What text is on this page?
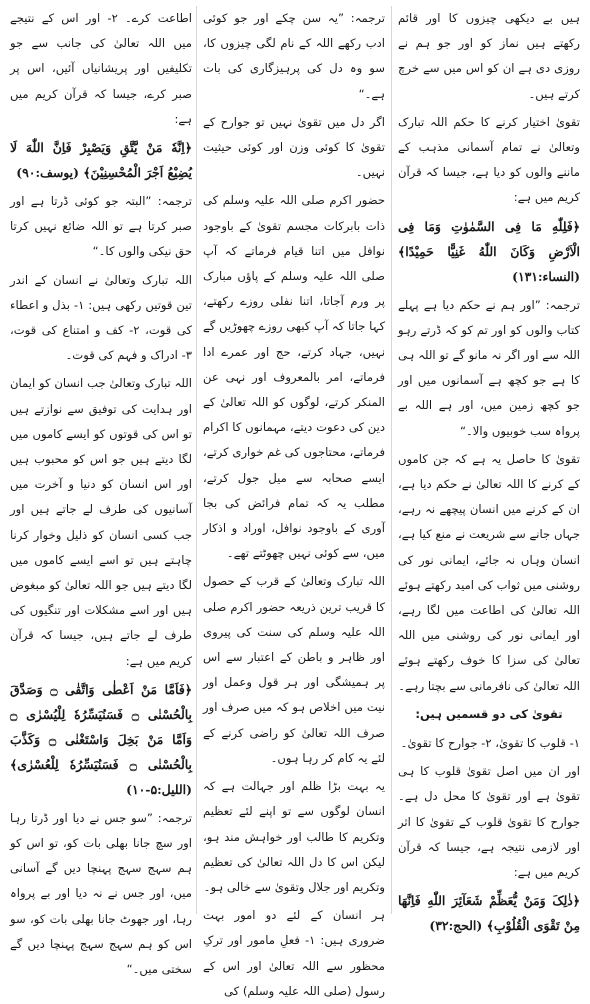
ہیں بے دیکھی چیزوں کا اور قائم رکھتے ہیں نماز کو اور جو ہم نے روزی دی ہے ان کو اس میں سے خرچ کرتے ہیں۔

تقویٰ اختیار کرنے کا حکم اللہ تبارک وتعالیٰ نے تمام آسمانی مذہب کے ماننے والوں کو دیا ہے، جیسا کہ قرآن کریم میں ہے:

﴿فَلِلّٰهِ مَا فِی السَّمٰوٰتِ وَمَا فِی الْاَرْضِ وَکَانَ اللّٰهُ غَنِیًّا حَمِیْدًا﴾ (النساء:۱۳۱)

ترجمہ: ”اور ہم نے حکم دیا ہے پہلے کتاب والوں کو اور تم کو کہ ڈرتے رہو اللہ سے اور اگر نہ مانو گے تو اللہ ہی کا ہے جو کچھ ہے آسمانوں میں اور جو کچھ زمین میں، اور ہے اللہ بے پرواہ سب خوبیوں والا۔“

تقویٰ کا حاصل یہ ہے کہ جن کاموں کے کرنے کا اللہ تعالیٰ نے حکم دیا ہے، ان کے کرنے میں انسان پیچھے نہ رہے، جہاں جانے سے شریعت نے منع کیا ہے، انسان وہاں نہ جائے، ایمانی نور کی روشنی میں ثواب کی امید رکھتے ہوئے اللہ تعالیٰ کی اطاعت میں لگا رہے، اور ایمانی نور کی روشنی میں اللہ تعالیٰ کی سزا کا خوف رکھتے ہوئے اللہ تعالیٰ کی نافرمانی سے بچتا رہے۔

تقویٰ کی دو قسمیں ہیں:

۱- قلوب کا تقویٰ، ۲- جوارح کا تقویٰ۔

اور ان میں اصل تقویٰ قلوب کا ہی تقویٰ ہے اور تقویٰ کا محل دل ہے۔ جوارح کا تقویٰ قلوب کے تقویٰ کا اثر اور لازمی نتیجہ ہے، جیسا کہ قرآن کریم میں ہے:

﴿ذٰلِکَ وَمَنْ یُّعَظِّمْ شَعَآئِرَ اللّٰهِ فَاِنَّهَا مِنْ تَقْوَی الْقُلُوْبِ﴾ (الحج:۳۲)

ترجمہ: ”یہ سن چکے اور جو کوئی ادب رکھے اللہ کے نام لگی چیزوں کا، سو وہ دل کی پرہیزگاری کی بات ہے۔“

اگر دل میں تقویٰ نہیں تو جوارح کے تقویٰ کا کوئی وزن اور کوئی حیثیت نہیں۔

حضور اکرم صلی اللہ علیہ وسلم کی ذات بابرکات مجسم تقویٰ کے باوجود نوافل میں اتنا قیام فرماتے کہ آپ صلی اللہ علیہ وسلم کے پاؤں مبارک پر ورم آجاتا، اتنا نفلی روزے رکھتے، کہا جاتا کہ آپ کبھی روزے چھوڑیں گے نہیں، جہاد کرتے، حج اور عمرے ادا فرماتے، امر بالمعروف اور نہی عن المنکر کرتے، لوگوں کو اللہ تعالیٰ کے دین کی دعوت دیتے، مہمانوں کا اکرام فرماتے، محتاجوں کی غم خواری کرتے، ایسے صحابہ سے میل جول کرتے، مطلب یہ کہ تمام فرائض کی بجا آوری کے باوجود نوافل، اوراد و اذکار میں، سے کوئی نہیں چھوٹتے تھے۔

اللہ تبارک وتعالیٰ کے قرب کے حصول کا قریب ترین ذریعہ حضور اکرم صلی اللہ علیہ وسلم کی سنت کی پیروی اور ظاہر و باطن کے اعتبار سے اس پر ہمیشگی اور ہر قول وعمل اور نیت میں اخلاص ہو کہ میں صرف اور صرف اللہ تعالیٰ کو راضی کرنے کے لئے یہ کام کر رہا ہوں۔

یہ بہت بڑا ظلم اور جہالت ہے کہ انسان لوگوں سے تو اپنے لئے تعظیم وتکریم کا طالب اور خواہش مند ہو، لیکن اس کا دل اللہ تعالیٰ کی تعظیم وتکریم اور جلال وتقویٰ سے خالی ہو۔

ہر انسان کے لئے دو امور بہت ضروری ہیں: ۱- فعلِ مامور اور ترکِ محظور سے اللہ تعالیٰ اور اس کے رسول (صلی اللہ علیہ وسلم) کی

اطاعت کرے۔ ۲- اور اس کے نتیجے میں اللہ تعالیٰ کی جانب سے جو تکلیفیں اور پریشانیاں آئیں، اس پر صبر کرے، جیسا کہ قرآن کریم میں ہے:

﴿اِنَّهٗ مَنْ یَّتَّقِ وَیَصْبِرْ فَاِنَّ اللّٰهَ لَا یُضِیْعُ اَجْرَ الْمُحْسِنِیْنَ﴾ (یوسف:۹۰)

ترجمہ: ”البتہ جو کوئی ڈرتا ہے اور صبر کرتا ہے تو اللہ ضائع نہیں کرتا حق نیکی والوں کا۔“

اللہ تبارک وتعالیٰ نے انسان کے اندر تین قوتیں رکھی ہیں: ۱- بذل و اعطاء کی قوت، ۲- کف و امتناع کی قوت، ۳- ادراک و فہم کی قوت۔

اللہ تبارک وتعالیٰ جب انسان کو ایمان اور ہدایت کی توفیق سے نوازتے ہیں تو اس کی قوتوں کو ایسے کاموں میں لگا دیتے ہیں جو اس کو محبوب ہیں اور اس انسان کو دنیا و آخرت میں آسانیوں کی طرف لے جاتے ہیں اور جب کسی انسان کو ذلیل وخوار کرنا چاہتے ہیں تو اسے ایسے کاموں میں لگا دیتے ہیں جو اللہ تعالیٰ کو مبغوض ہیں اور اسے مشکلات اور تنگیوں کی طرف لے جاتے ہیں، جیسا کہ قرآن کریم میں ہے:

﴿فَاَمَّا مَنْ اَعْطٰی وَاتَّقٰی ۝ وَصَدَّقَ بِالْحُسْنٰی ۝ فَسَنُیَسِّرُهٗ لِلْیُسْرٰی ۝ وَاَمَّا مَنْ بَخِلَ وَاسْتَغْنٰی ۝ وَکَذَّبَ بِالْحُسْنٰی ۝ فَسَنُیَسِّرُهٗ لِلْعُسْرٰی﴾ (اللیل:۵-۱۰)

ترجمہ: ”سو جس نے دیا اور ڈرتا رہا اور سچ جانا بھلی بات کو، تو اس کو ہم سہج سہج پہنچا دیں گے آسانی میں، اور جس نے نہ دیا اور بے پرواہ رہا، اور جھوٹ جانا بھلی بات کو، سو اس کو ہم سہج سہج پہنچا دیں گے سختی میں۔“
